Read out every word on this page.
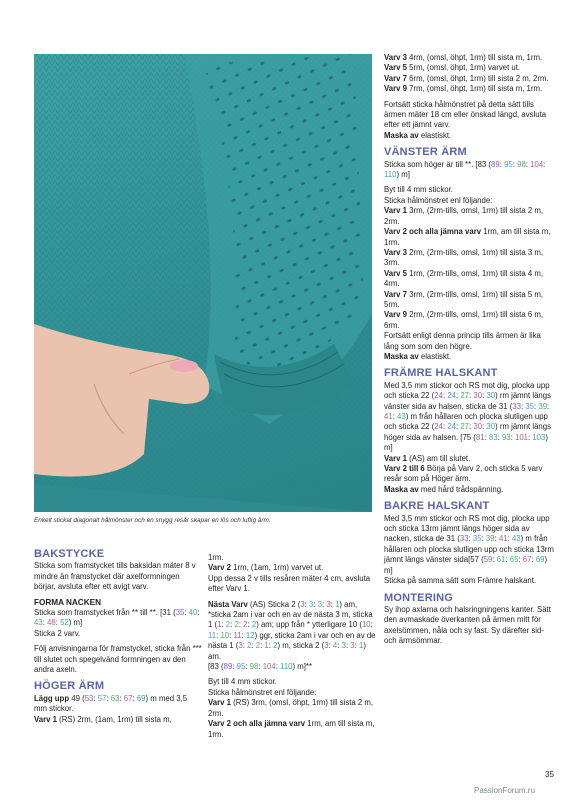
Enkelt stickat diagonalt hålmönster och en snygg resår skapar en lös och luftig ärm.
BAKSTYCKE

Sticka som framstycket tills baksidan mäter 8 v mindre än framstycket där axelformningen börjar, avsluta efter ett avigt varv.

FORMA NACKEN

Sticka som framstycket från ** till **. [31 (35: 40: 43: 48: 52) m]
Sticka 2 varv.

Följ anvisningarna för framstycket, sticka från *** till slutet och spegelvänd formningen av den andra axeln.

HÖGER ÄRM

Lägg upp 49 (53: 57: 63: 67: 69) m med 3,5 mm stickor.
Varv 1 (RS) 2rm, (1am, 1rm) till sista m,

1rm.
Varv 2 1rm, (1am, 1rm) varvet ut.
Upp dessa 2 v tills resåren mäter 4 cm, avsluta efter Varv 1.

Nästa Varv (AS) Sticka 2 (3: 3: 3: 3: 1) am, *sticka 2am i var och en av de nästa 3 m, sticka 1 (1: 2: 2: 2: 2) am; upp från * ytterligare 10 (10: 11: 10: 11: 12) ggr, sticka 2am i var och en av de nästa 1 (3: 2: 2: 1: 2) m, sticka 2 (3: 4: 3: 3: 1) am.
[83 (89: 95: 98: 104: 110) m]**

Byt till 4 mm stickor.
Sticka hålmönstret enl följande:
Varv 1 (RS) 3rm, (omsl, öhpt, 1rm) till sista 2 m, 2rm.
Varv 2 och alla jämna varv 1rm, am till sista m, 1rm.

Varv 3 4rm, (omsl, öhpt, 1rm) till sista m, 1rm.
Varv 5 5rm, (omsl, öhpt, 1rm) varvet ut.
Varv 7 6rm, (omsl, öhpt, 1rm) till sista 2 m, 2rm.
Varv 9 7rm, (omsl, öhpt, 1rm) till sista m, 1rm.

Fortsätt sticka hålmönstret på detta sätt tills ärmen mäter 18 cm eller önskad längd, avsluta efter ett jämnt varv.
Maska av elastiskt.

VÄNSTER ÄRM

Sticka som höger är till **. [83 (89: 95: 98: 104: 110) m]

Byt till 4 mm stickor.
Sticka hålmönstret enl följande:
Varv 1 3rm, (2rm-tills, omsl, 1rm) till sista 2 m, 2rm.
Varv 2 och alla jämna varv 1rm, am till sista m, 1rm.
Varv 3 2rm, (2rm-tills, omsl, 1rm) till sista 3 m, 3rm.
Varv 5 1rm, (2rm-tills, omsl, 1rm) till sista 4 m, 4rm.
Varv 7 3rm, (2rm-tills, omsl, 1rm) till sista 5 m, 5rm.
Varv 9 2rm, (2rm-tills, omsl, 1rm) till sista 6 m, 6rm.
Fortsätt enligt denna princip tills ärmen är lika lång som som den högre.
Maska av elastiskt.

FRÄMRE HALSKANT

Med 3,5 mm stickor och RS mot dig, plocka upp och sticka 22 (24: 24: 27: 30: 30) rm jämnt längs vänster sida av halsen, sticka de 31 (33: 35: 39: 41: 43) m från hållaren och plocka slutligen upp och sticka 22 (24: 24: 27: 30: 30) rm jämnt längs höger sida av halsen. [75 (81: 83: 93: 101: 103) m]
Varv 1 (AS) am till slutet.
Varv 2 till 6 Börja på Varv 2, och sticka 5 varv resår som på Höger ärm.
Maska av med hård trådspänning.

BAKRE HALSKANT

Med 3,5 mm stickor och RS mot dig, plocka upp och sticka 13rm jämnt längs höger sida av nacken, sticka de 31 (33: 35: 39: 41: 43) m från hållaren och plocka slutligen upp och sticka 13rm jämnt längs vänster sida[57 (59: 61: 65: 67: 69) m]
Sticka på samma sätt som Främre halskant.

MONTERING

Sy ihop axlarna och halsringningens kanter. Sätt den avmaskade överkanten på ärmen mitt för axelsömmen, nåla och sy fast. Sy därefter sid- och ärmsömmar.

35
PassionForum.ru
